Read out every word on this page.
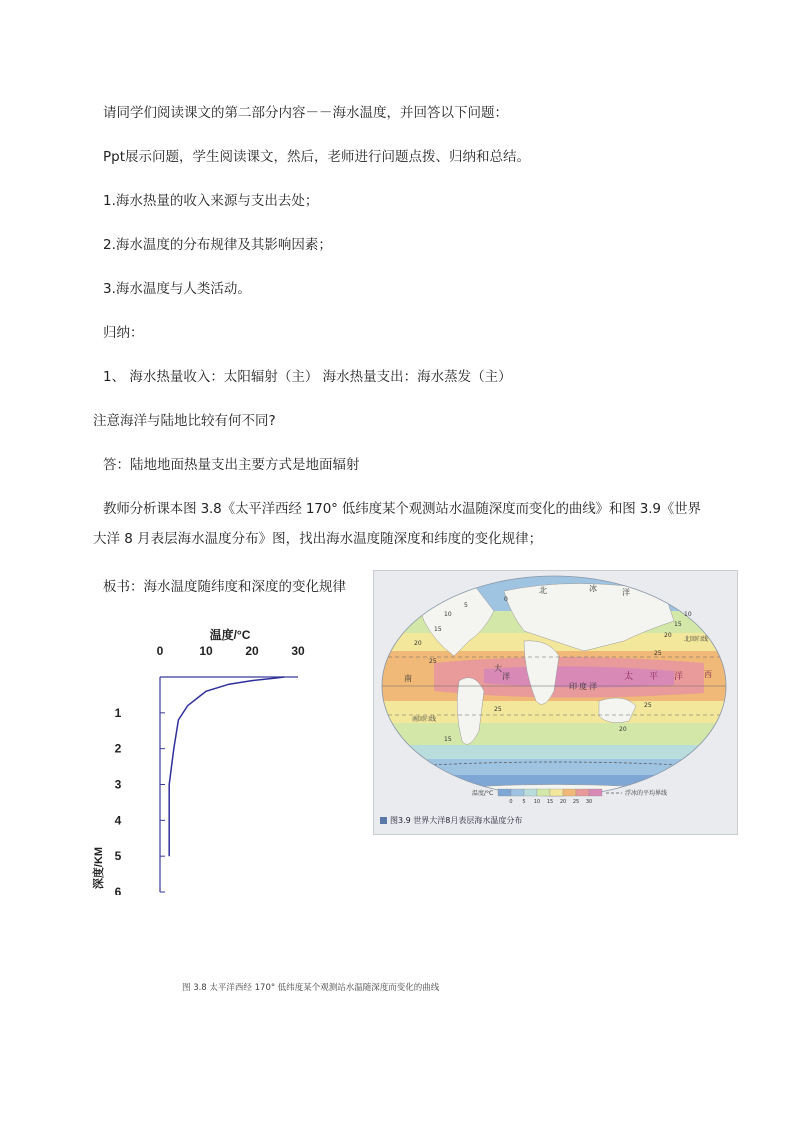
请同学们阅读课文的第二部分内容－－海水温度，并回答以下问题：
Ppt展示问题，学生阅读课文，然后，老师进行问题点拨、归纳和总结。
1.海水热量的收入来源与支出去处；
2.海水温度的分布规律及其影响因素；
3.海水温度与人类活动。
归纳：
1、 海水热量收入：太阳辐射（主） 海水热量支出：海水蒸发（主）
注意海洋与陆地比较有何不同?
答：陆地地面热量支出主要方式是地面辐射
教师分析课本图 3.8《太平洋西经 170° 低纬度某个观测站水温随深度而变化的曲线》和图 3.9《世界
大洋 8 月表层海水温度分布》图，找出海水温度随深度和纬度的变化规律；
板书：海水温度随纬度和深度的变化规律
温度/°C
深度/KM
0	10	20	30
1
2
3
4
5
6
图 3.8 太平洋西经 170° 低纬度某个观测站水温随深度而变化的曲线
北	冰	洋
太 平 洋	西
印 度 洋
大
洋
南
南回归线
北回归线
25
20
15
10
5
0
25
20
15
10
25
20
15
25
温度/°C
0 5 10 15 20 25 30
浮冰的平均界线
图3.9 世界大洋8月表层海水温度分布
